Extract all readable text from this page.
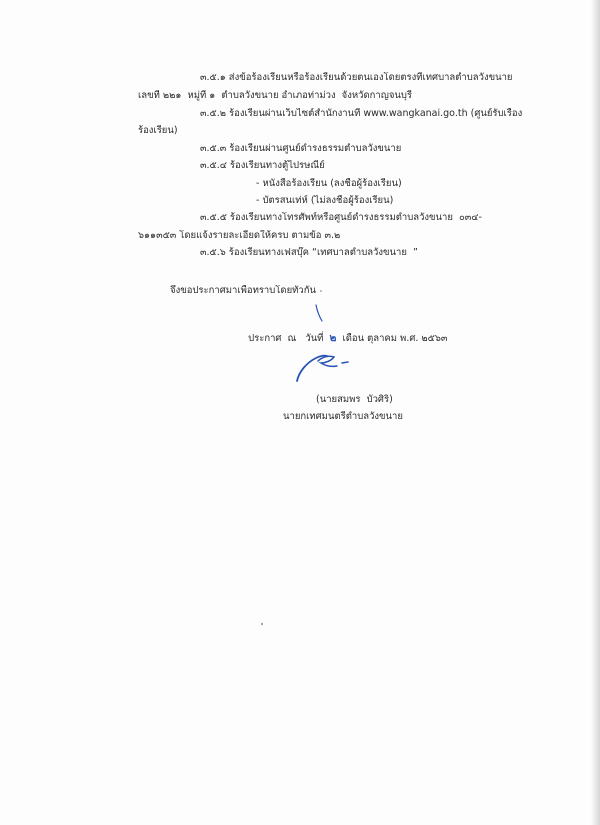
๓.๕.๑ ส่งข้อร้องเรียนหรือร้องเรียนด้วยตนเองโดยตรงที่เทศบาลตำบลวังขนาย
เลขที่ ๒๒๑  หมู่ที่ ๑  ตำบลวังขนาย อำเภอท่าม่วง  จังหวัดกาญจนบุรี
๓.๕.๒ ร้องเรียนผ่านเว็บไซต์สำนักงานที่ www.wangkanai.go.th (ศูนย์รับเรื่อง
ร้องเรียน)
๓.๕.๓ ร้องเรียนผ่านศูนย์ดำรงธรรมตำบลวังขนาย
๓.๕.๔ ร้องเรียนทางตู้ไปรษณีย์
- หนังสือร้องเรียน (ลงชื่อผู้ร้องเรียน)
- บัตรสนเท่ห์ (ไม่ลงชื่อผู้ร้องเรียน)
๓.๕.๕ ร้องเรียนทางโทรศัพท์หรือศูนย์ดำรงธรรมตำบลวังขนาย  ๐๓๔-
๖๑๑๓๕๓ โดยแจ้งรายละเอียดให้ครบ ตามข้อ ๓.๒
๓.๕.๖ ร้องเรียนทางเฟสบุ๊ค “เทศบาลตำบลวังขนาย  ”
จึงขอประกาศมาเพื่อทราบโดยทั่วกัน

ประกาศ  ณ   วันที่  ๒  เดือน ตุลาคม พ.ศ. ๒๕๖๓

(นายสมพร  บัวศิริ)
นายกเทศมนตรีตำบลวังขนาย
